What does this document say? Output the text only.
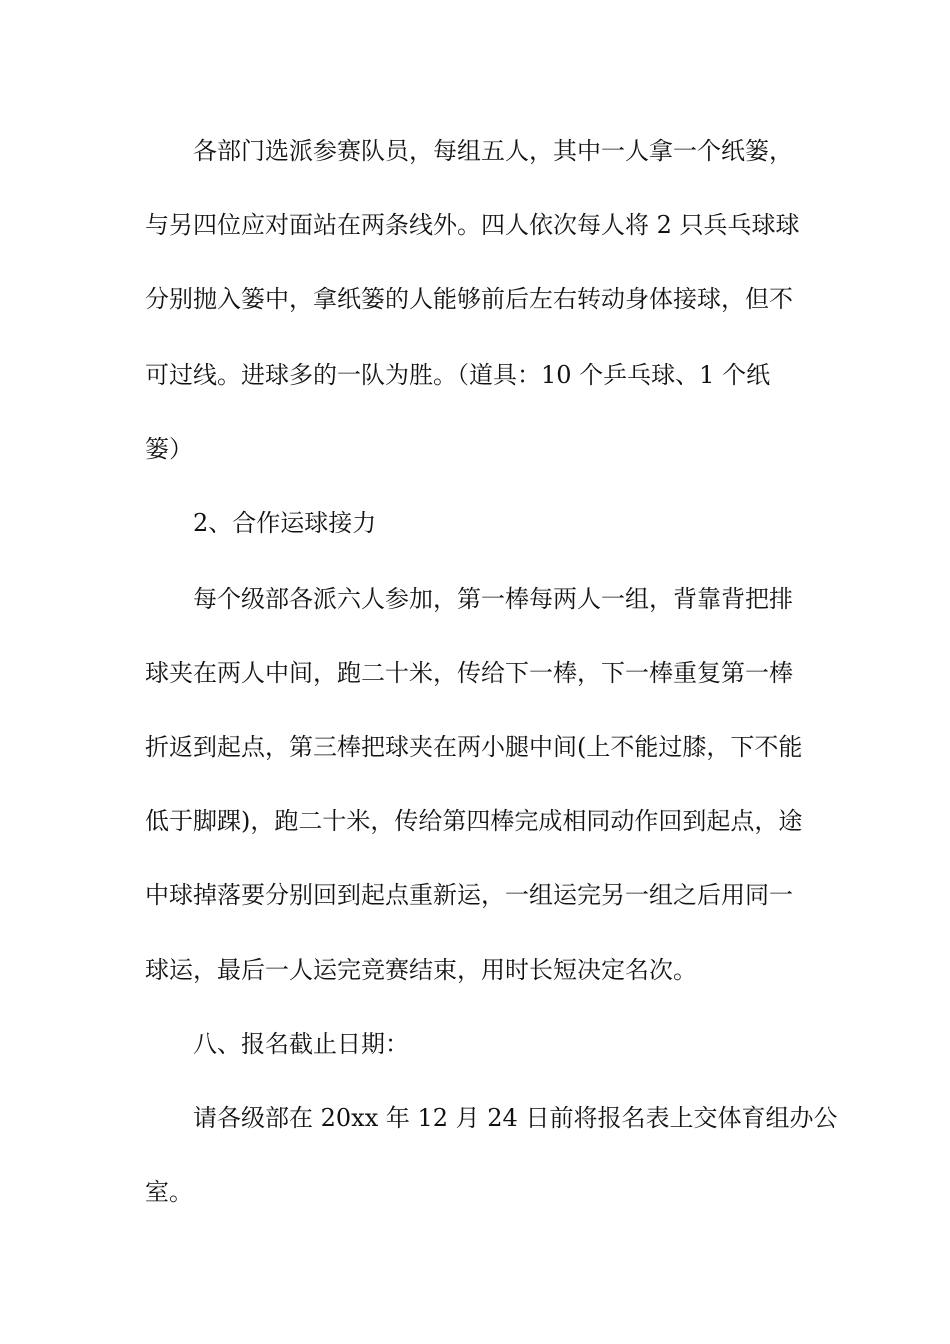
各部门选派参赛队员，每组五人，其中一人拿一个纸篓，
与另四位应对面站在两条线外。四人依次每人将 2 只兵乓球球
分别抛入篓中，拿纸篓的人能够前后左右转动身体接球，但不
可过线。进球多的一队为胜。（道具：10 个乒乓球、1 个纸
篓）
2、合作运球接力
每个级部各派六人参加，第一棒每两人一组，背靠背把排
球夹在两人中间，跑二十米，传给下一棒，下一棒重复第一棒
折返到起点，第三棒把球夹在两小腿中间(上不能过膝，下不能
低于脚踝)，跑二十米，传给第四棒完成相同动作回到起点，途
中球掉落要分别回到起点重新运，一组运完另一组之后用同一
球运，最后一人运完竞赛结束，用时长短决定名次。
八、报名截止日期：
请各级部在 20xx 年 12 月 24 日前将报名表上交体育组办公
室。
